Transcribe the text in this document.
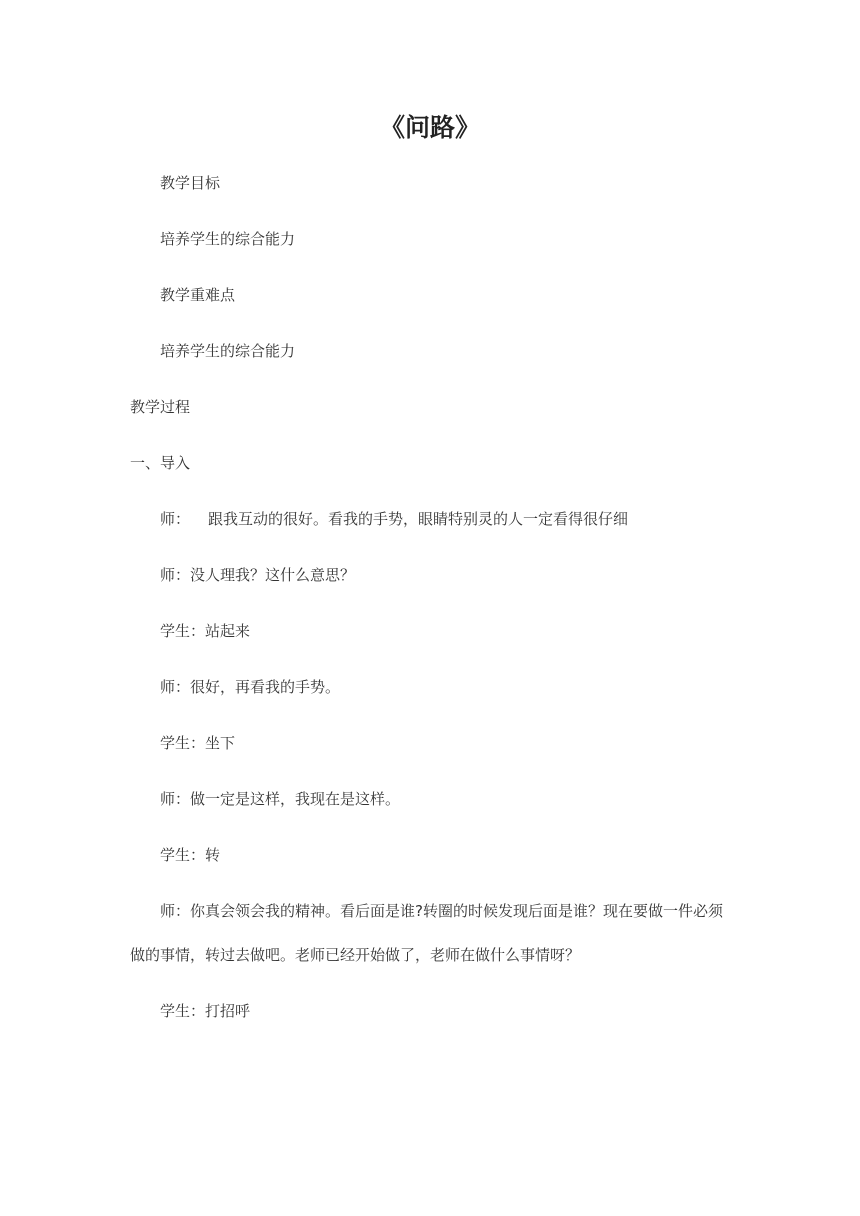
《问路》
教学目标
培养学生的综合能力
教学重难点
培养学生的综合能力
教学过程
一、导入
师： 跟我互动的很好。看我的手势，眼睛特别灵的人一定看得很仔细
师：没人理我？这什么意思？
学生：站起来
师：很好，再看我的手势。
学生：坐下
师：做一定是这样，我现在是这样。
学生：转
师：你真会领会我的精神。看后面是谁?转圈的时候发现后面是谁？现在要做一件必须
做的事情，转过去做吧。老师已经开始做了，老师在做什么事情呀？
学生：打招呼
